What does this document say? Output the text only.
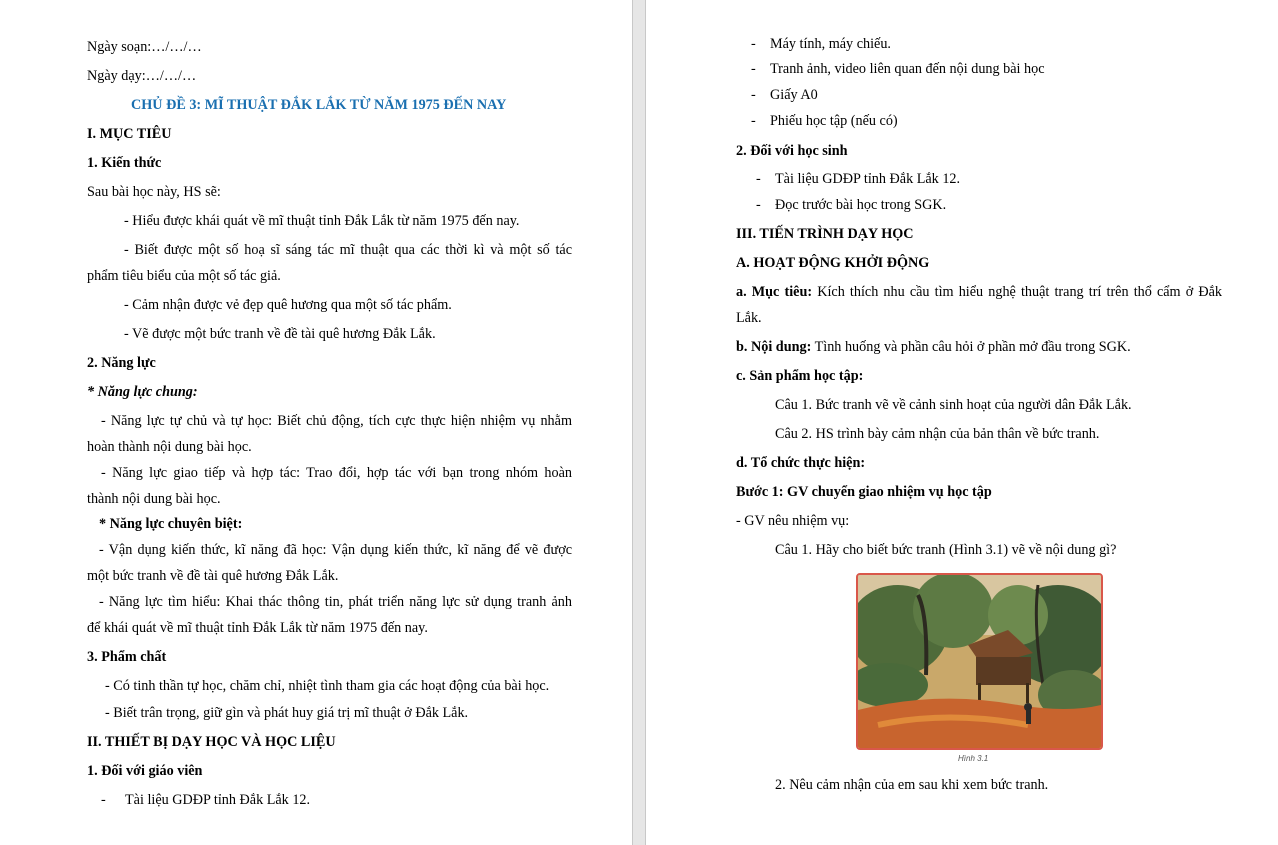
Ngày soạn:…/…/…
Ngày dạy:…/…/…
CHỦ ĐỀ 3: MĨ THUẬT ĐẮK LẮK TỪ NĂM 1975 ĐẾN NAY
I. MỤC TIÊU
1. Kiến thức
Sau bài học này, HS sẽ:
- Hiểu được khái quát về mĩ thuật tỉnh Đắk Lắk từ năm 1975 đến nay.
- Biết được một số hoạ sĩ sáng tác mĩ thuật qua các thời kì và một số tác
phẩm tiêu biểu của một số tác giả.
- Cảm nhận được vẻ đẹp quê hương qua một số tác phẩm.
- Vẽ được một bức tranh về đề tài quê hương Đắk Lắk.
2. Năng lực
* Năng lực chung:
- Năng lực tự chủ và tự học: Biết chủ động, tích cực thực hiện nhiệm vụ nhằm
hoàn thành nội dung bài học.
- Năng lực giao tiếp và hợp tác: Trao đổi, hợp tác với bạn trong nhóm hoàn
thành nội dung bài học.
* Năng lực chuyên biệt:
- Vận dụng kiến thức, kĩ năng đã học: Vận dụng kiến thức, kĩ năng để vẽ được
một bức tranh về đề tài quê hương Đắk Lắk.
- Năng lực tìm hiểu: Khai thác thông tin, phát triển năng lực sử dụng tranh ảnh
để khái quát về mĩ thuật tỉnh Đắk Lắk từ năm 1975 đến nay.
3. Phẩm chất
- Có tinh thần tự học, chăm chỉ, nhiệt tình tham gia các hoạt động của bài học.
- Biết trân trọng, giữ gìn và phát huy giá trị mĩ thuật ở Đắk Lắk.
II. THIẾT BỊ DẠY HỌC VÀ HỌC LIỆU
1. Đối với giáo viên
- Tài liệu GDĐP tỉnh Đắk Lắk 12.
- Máy tính, máy chiếu.
- Tranh ảnh, video liên quan đến nội dung bài học
- Giấy A0
- Phiếu học tập (nếu có)
2. Đối với học sinh
- Tài liệu GDĐP tỉnh Đắk Lắk 12.
- Đọc trước bài học trong SGK.
III. TIẾN TRÌNH DẠY HỌC
A. HOẠT ĐỘNG KHỞI ĐỘNG
a. Mục tiêu: Kích thích nhu cầu tìm hiểu nghệ thuật trang trí trên thổ cẩm ở Đắk
Lắk.
b. Nội dung: Tình huống và phần câu hỏi ở phần mở đầu trong SGK.
c. Sản phẩm học tập:
Câu 1. Bức tranh vẽ về cảnh sinh hoạt của người dân Đắk Lắk.
Câu 2. HS trình bày cảm nhận của bản thân về bức tranh.
d. Tổ chức thực hiện:
Bước 1: GV chuyển giao nhiệm vụ học tập
- GV nêu nhiệm vụ:
Câu 1. Hãy cho biết bức tranh (Hình 3.1) vẽ về nội dung gì?
Hình 3.1
2. Nêu cảm nhận của em sau khi xem bức tranh.
